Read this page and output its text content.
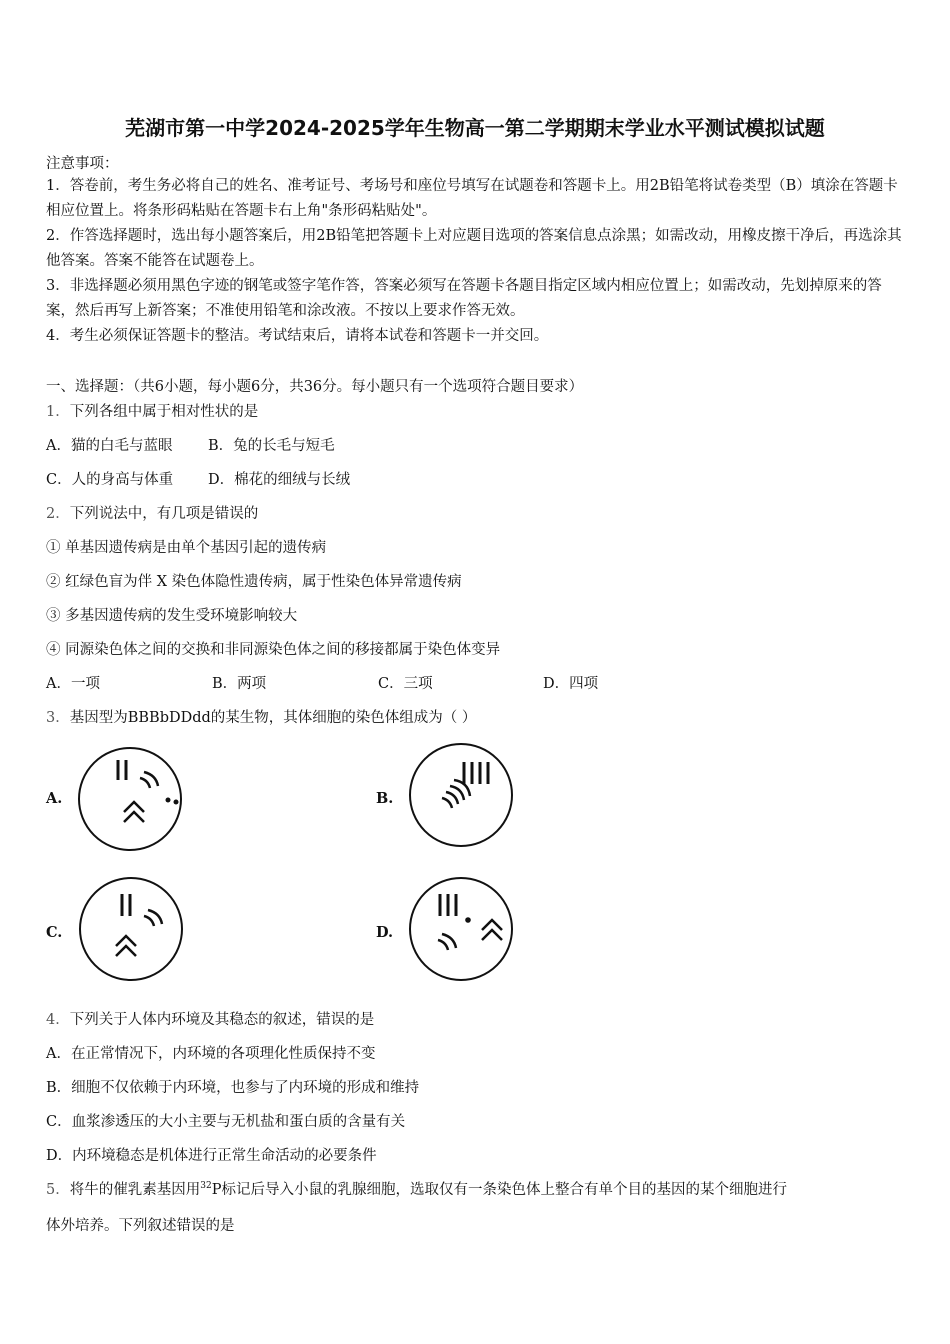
芜湖市第一中学2024-2025学年生物高一第二学期期末学业水平测试模拟试题
注意事项：
1．答卷前，考生务必将自己的姓名、准考证号、考场号和座位号填写在试题卷和答题卡上。用2B铅笔将试卷类型（B）填涂在答题卡相应位置上。将条形码粘贴在答题卡右上角"条形码粘贴处"。
2．作答选择题时，选出每小题答案后，用2B铅笔把答题卡上对应题目选项的答案信息点涂黑；如需改动，用橡皮擦干净后，再选涂其他答案。答案不能答在试题卷上。
3．非选择题必须用黑色字迹的钢笔或签字笔作答，答案必须写在答题卡各题目指定区域内相应位置上；如需改动，先划掉原来的答案，然后再写上新答案；不准使用铅笔和涂改液。不按以上要求作答无效。
4．考生必须保证答题卡的整洁。考试结束后，请将本试卷和答题卡一并交回。
一、选择题：（共6小题，每小题6分，共36分。每小题只有一个选项符合题目要求）
1．下列各组中属于相对性状的是
A．猫的白毛与蓝眼 B．兔的长毛与短毛
C．人的身高与体重 D．棉花的细绒与长绒
2．下列说法中，有几项是错误的
① 单基因遗传病是由单个基因引起的遗传病
② 红绿色盲为伴 X 染色体隐性遗传病，属于性染色体异常遗传病
③ 多基因遗传病的发生受环境影响较大
④ 同源染色体之间的交换和非同源染色体之间的移接都属于染色体变异
A．一项	B．两项	C．三项	D．四项
3．基因型为BBBbDDdd的某生物，其体细胞的染色体组成为（ ）
A.	B.
C.	D.
4．下列关于人体内环境及其稳态的叙述，错误的是
A．在正常情况下，内环境的各项理化性质保持不变
B．细胞不仅依赖于内环境，也参与了内环境的形成和维持
C．血浆渗透压的大小主要与无机盐和蛋白质的含量有关
D．内环境稳态是机体进行正常生命活动的必要条件
5．将牛的催乳素基因用$^{32}$P标记后导入小鼠的乳腺细胞，选取仅有一条染色体上整合有单个目的基因的某个细胞进行
体外培养。下列叙述错误的是
